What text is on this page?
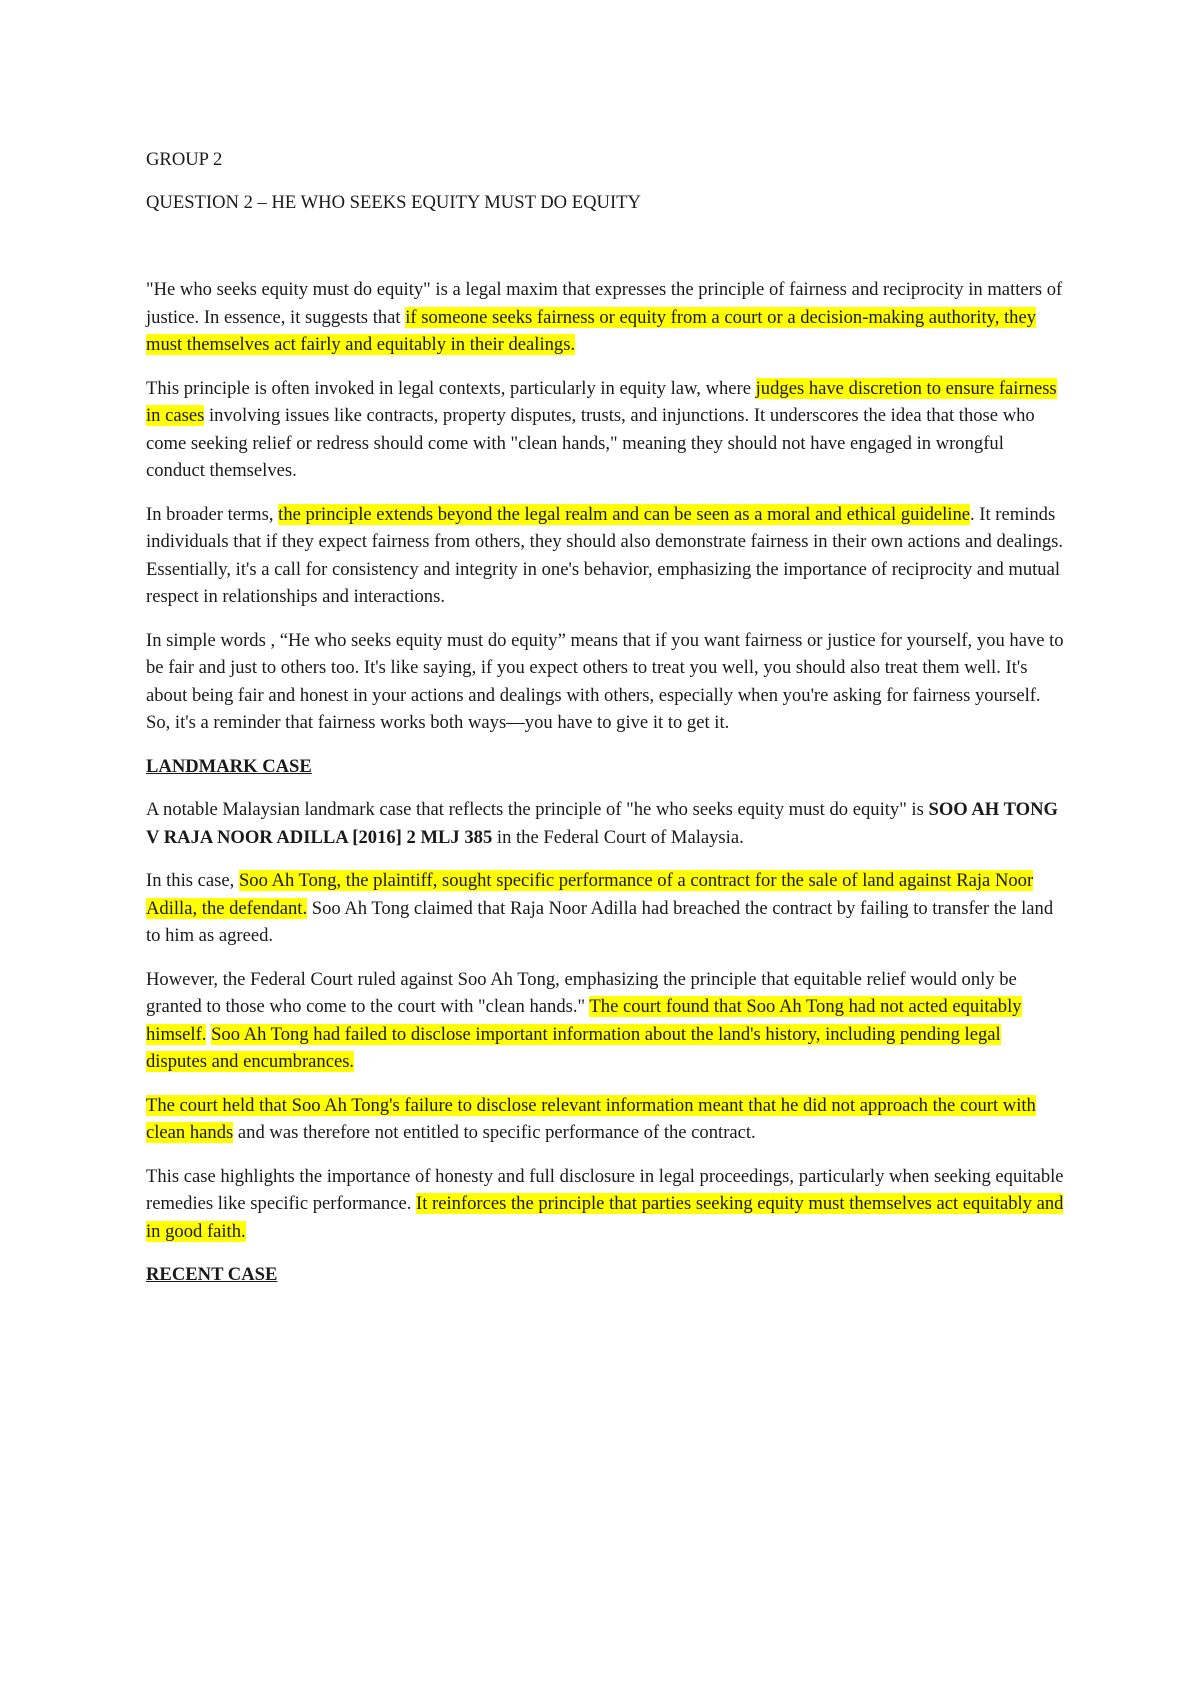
GROUP 2

QUESTION 2 – HE WHO SEEKS EQUITY MUST DO EQUITY

"He who seeks equity must do equity" is a legal maxim that expresses the principle of fairness and reciprocity in matters of justice. In essence, it suggests that if someone seeks fairness or equity from a court or a decision-making authority, they must themselves act fairly and equitably in their dealings.

This principle is often invoked in legal contexts, particularly in equity law, where judges have discretion to ensure fairness in cases involving issues like contracts, property disputes, trusts, and injunctions. It underscores the idea that those who come seeking relief or redress should come with "clean hands," meaning they should not have engaged in wrongful conduct themselves.

In broader terms, the principle extends beyond the legal realm and can be seen as a moral and ethical guideline. It reminds individuals that if they expect fairness from others, they should also demonstrate fairness in their own actions and dealings. Essentially, it's a call for consistency and integrity in one's behavior, emphasizing the importance of reciprocity and mutual respect in relationships and interactions.

In simple words , “He who seeks equity must do equity” means that if you want fairness or justice for yourself, you have to be fair and just to others too. It's like saying, if you expect others to treat you well, you should also treat them well. It's about being fair and honest in your actions and dealings with others, especially when you're asking for fairness yourself. So, it's a reminder that fairness works both ways—you have to give it to get it.

LANDMARK CASE

A notable Malaysian landmark case that reflects the principle of "he who seeks equity must do equity" is SOO AH TONG V RAJA NOOR ADILLA [2016] 2 MLJ 385 in the Federal Court of Malaysia.

In this case, Soo Ah Tong, the plaintiff, sought specific performance of a contract for the sale of land against Raja Noor Adilla, the defendant. Soo Ah Tong claimed that Raja Noor Adilla had breached the contract by failing to transfer the land to him as agreed.

However, the Federal Court ruled against Soo Ah Tong, emphasizing the principle that equitable relief would only be granted to those who come to the court with "clean hands." The court found that Soo Ah Tong had not acted equitably himself. Soo Ah Tong had failed to disclose important information about the land's history, including pending legal disputes and encumbrances.

The court held that Soo Ah Tong's failure to disclose relevant information meant that he did not approach the court with clean hands and was therefore not entitled to specific performance of the contract.

This case highlights the importance of honesty and full disclosure in legal proceedings, particularly when seeking equitable remedies like specific performance. It reinforces the principle that parties seeking equity must themselves act equitably and in good faith.

RECENT CASE
